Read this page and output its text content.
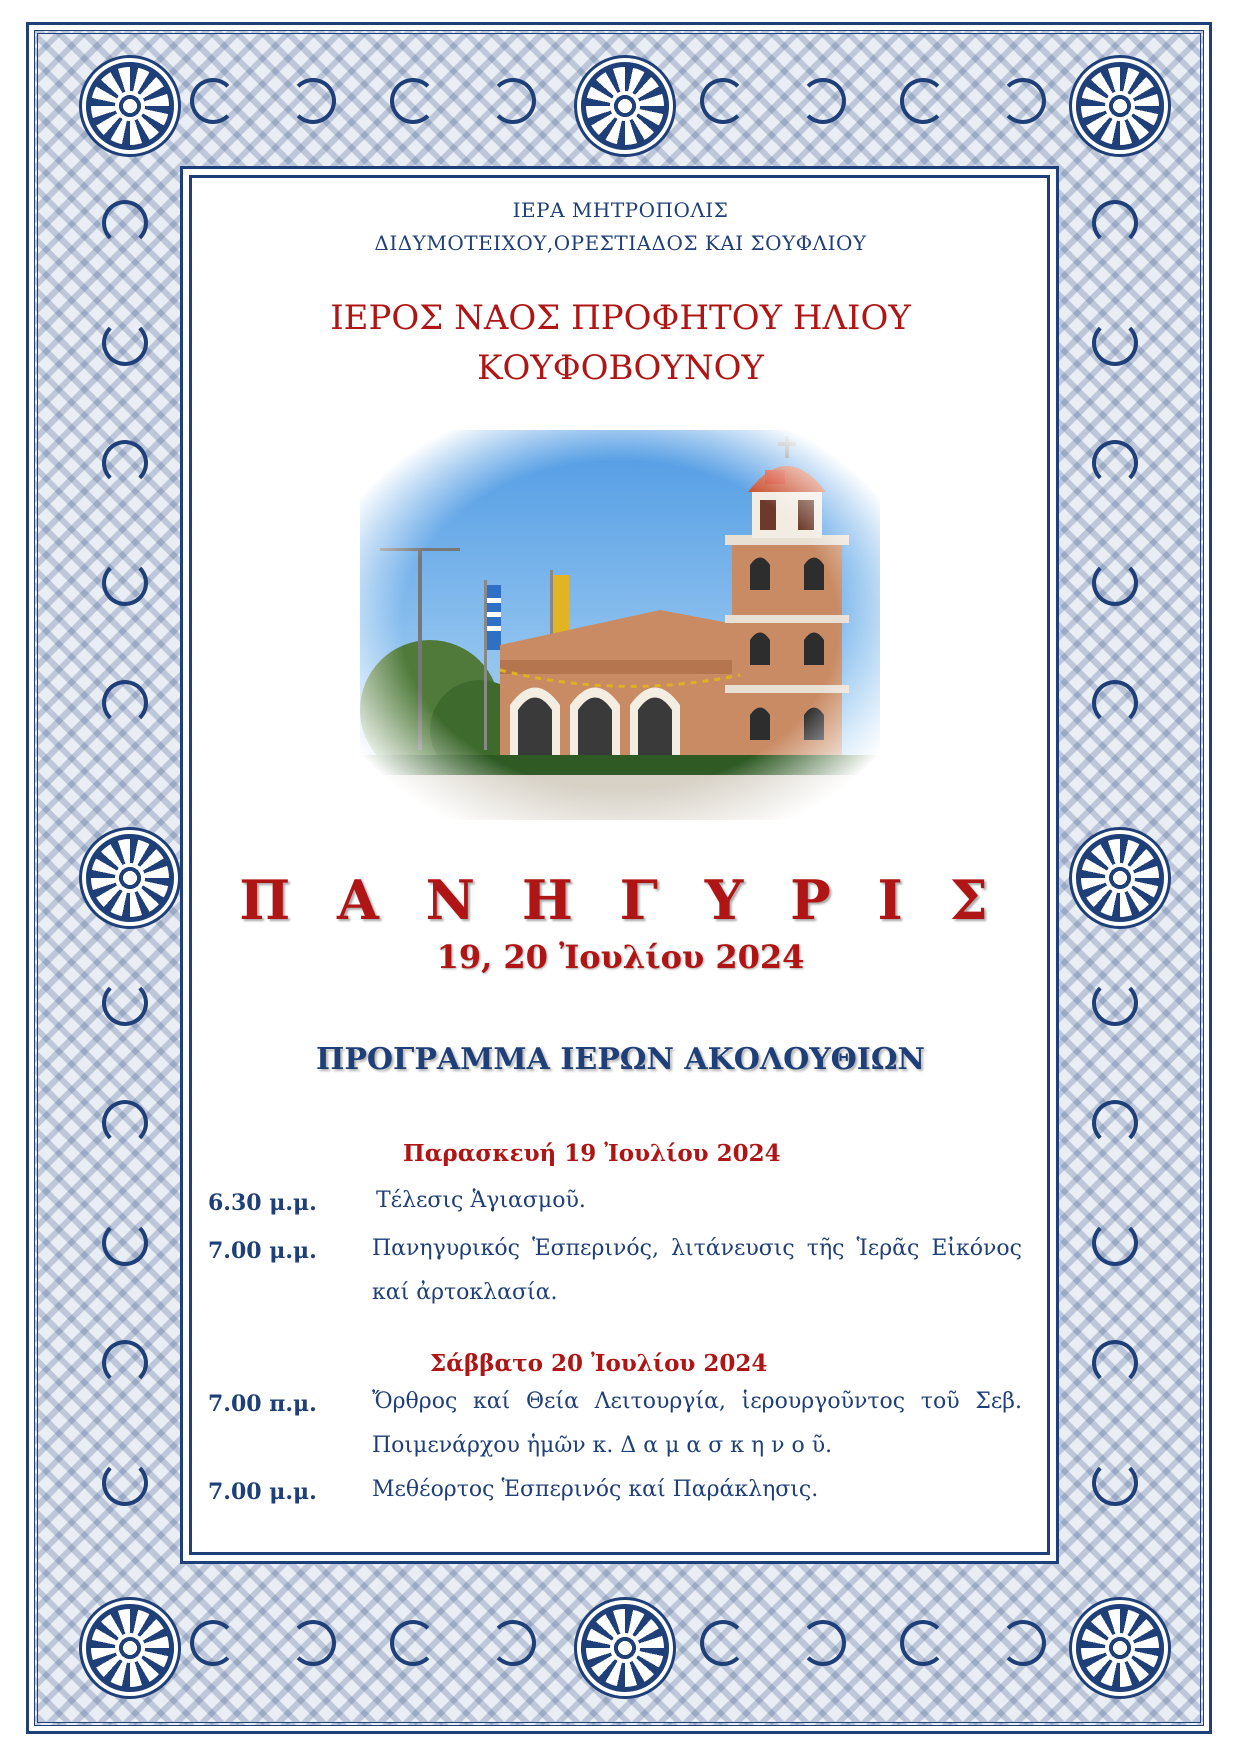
ΙΕΡΑ ΜΗΤΡΟΠΟΛΙΣ
ΔΙΔΥΜΟΤΕΙΧΟΥ,ΟΡΕΣΤΙΑΔΟΣ ΚΑΙ ΣΟΥΦΛΙΟΥ
ΙΕΡΟΣ ΝΑΟΣ ΠΡΟΦΗΤΟΥ ΗΛΙΟΥ
ΚΟΥΦΟΒΟΥΝΟΥ
Π Α Ν Η Γ Υ Ρ Ι Σ
19, 20 Ἰουλίου 2024
ΠΡΟΓΡΑΜΜΑ ΙΕΡΩΝ ΑΚΟΛΟΥΘΙΩΝ
Παρασκευή 19 Ἰουλίου 2024
6.30 μ.μ.	Τέλεσις Ἁγιασμοῦ.
7.00 μ.μ.	Πανηγυρικός Ἑσπερινός, λιτάνευσις τῆς Ἱερᾶς Εἰκόνος καί ἀρτοκλασία.
Σάββατο 20 Ἰουλίου 2024
7.00 π.μ.	Ὄρθρος καί Θεία Λειτουργία, ἱερουργοῦντος τοῦ Σεβ. Ποιμενάρχου ἡμῶν κ. Δ α μ α σ κ η ν ο ῦ.
7.00 μ.μ.	Μεθέορτος Ἑσπερινός καί Παράκλησις.
